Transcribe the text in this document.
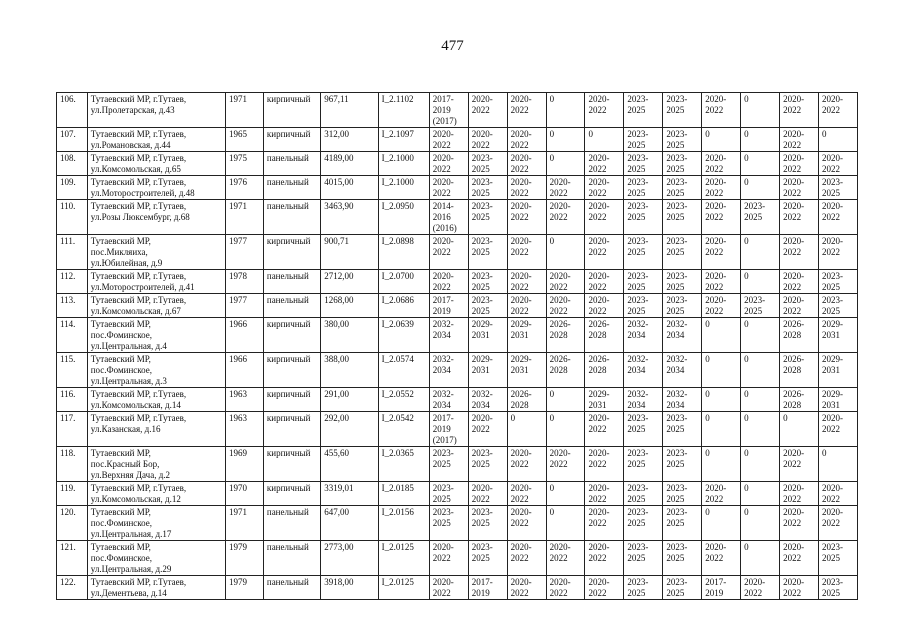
477
106.	Тутаевский МР, г.Тутаев,
ул.Пролетарская, д.43	1971	кирпичный	967,11	I_2.1102	2017-
2019
(2017)	2020-
2022	2020-
2022	0	2020-
2022	2023-
2025	2023-
2025	2020-
2022	0	2020-
2022	2020-
2022

107.	Тутаевский МР, г.Тутаев,
ул.Романовская, д.44	1965	кирпичный	312,00	I_2.1097	2020-
2022	2020-
2022	2020-
2022	0	0	2023-
2025	2023-
2025	0	0	2020-
2022	0

108.	Тутаевский МР, г.Тутаев,
ул.Комсомольская, д.65	1975	панельный	4189,00	I_2.1000	2020-
2022	2023-
2025	2020-
2022	0	2020-
2022	2023-
2025	2023-
2025	2020-
2022	0	2020-
2022	2020-
2022

109.	Тутаевский МР, г.Тутаев,
ул.Моторостроителей, д.48	1976	панельный	4015,00	I_2.1000	2020-
2022	2023-
2025	2020-
2022	2020-
2022	2020-
2022	2023-
2025	2023-
2025	2020-
2022	0	2020-
2022	2023-
2025

110.	Тутаевский МР, г.Тутаев,
ул.Розы Люксембург, д.68	1971	панельный	3463,90	I_2.0950	2014-
2016
(2016)	2023-
2025	2020-
2022	2020-
2022	2020-
2022	2023-
2025	2023-
2025	2020-
2022	2023-
2025	2020-
2022	2020-
2022

111.	Тутаевский МР,
пос.Микляиха,
ул.Юбилейная, д.9	1977	кирпичный	900,71	I_2.0898	2020-
2022	2023-
2025	2020-
2022	0	2020-
2022	2023-
2025	2023-
2025	2020-
2022	0	2020-
2022	2020-
2022

112.	Тутаевский МР, г.Тутаев,
ул.Моторостроителей, д.41	1978	панельный	2712,00	I_2.0700	2020-
2022	2023-
2025	2020-
2022	2020-
2022	2020-
2022	2023-
2025	2023-
2025	2020-
2022	0	2020-
2022	2023-
2025

113.	Тутаевский МР, г.Тутаев,
ул.Комсомольская, д.67	1977	панельный	1268,00	I_2.0686	2017-
2019	2023-
2025	2020-
2022	2020-
2022	2020-
2022	2023-
2025	2023-
2025	2020-
2022	2023-
2025	2020-
2022	2023-
2025

114.	Тутаевский МР,
пос.Фоминское,
ул.Центральная, д.4	1966	кирпичный	380,00	I_2.0639	2032-
2034	2029-
2031	2029-
2031	2026-
2028	2026-
2028	2032-
2034	2032-
2034	0	0	2026-
2028	2029-
2031

115.	Тутаевский МР,
пос.Фоминское,
ул.Центральная, д.3	1966	кирпичный	388,00	I_2.0574	2032-
2034	2029-
2031	2029-
2031	2026-
2028	2026-
2028	2032-
2034	2032-
2034	0	0	2026-
2028	2029-
2031

116.	Тутаевский МР, г.Тутаев,
ул.Комсомольская, д.14	1963	кирпичный	291,00	I_2.0552	2032-
2034	2032-
2034	2026-
2028	0	2029-
2031	2032-
2034	2032-
2034	0	0	2026-
2028	2029-
2031

117.	Тутаевский МР, г.Тутаев,
ул.Казанская, д.16	1963	кирпичный	292,00	I_2.0542	2017-
2019
(2017)	2020-
2022	0	0	2020-
2022	2023-
2025	2023-
2025	0	0	0	2020-
2022

118.	Тутаевский МР,
пос.Красный Бор,
ул.Верхняя Дача, д.2	1969	кирпичный	455,60	I_2.0365	2023-
2025	2023-
2025	2020-
2022	2020-
2022	2020-
2022	2023-
2025	2023-
2025	0	0	2020-
2022	0

119.	Тутаевский МР, г.Тутаев,
ул.Комсомольская, д.12	1970	кирпичный	3319,01	I_2.0185	2023-
2025	2020-
2022	2020-
2022	0	2020-
2022	2023-
2025	2023-
2025	2020-
2022	0	2020-
2022	2020-
2022

120.	Тутаевский МР,
пос.Фоминское,
ул.Центральная, д.17	1971	панельный	647,00	I_2.0156	2023-
2025	2023-
2025	2020-
2022	0	2020-
2022	2023-
2025	2023-
2025	0	0	2020-
2022	2020-
2022

121.	Тутаевский МР,
пос.Фоминское,
ул.Центральная, д.29	1979	панельный	2773,00	I_2.0125	2020-
2022	2023-
2025	2020-
2022	2020-
2022	2020-
2022	2023-
2025	2023-
2025	2020-
2022	0	2020-
2022	2023-
2025

122.	Тутаевский МР, г.Тутаев,
ул.Дементьева, д.14	1979	панельный	3918,00	I_2.0125	2020-
2022	2017-
2019	2020-
2022	2020-
2022	2020-
2022	2023-
2025	2023-
2025	2017-
2019	2020-
2022	2020-
2022	2023-
2025
